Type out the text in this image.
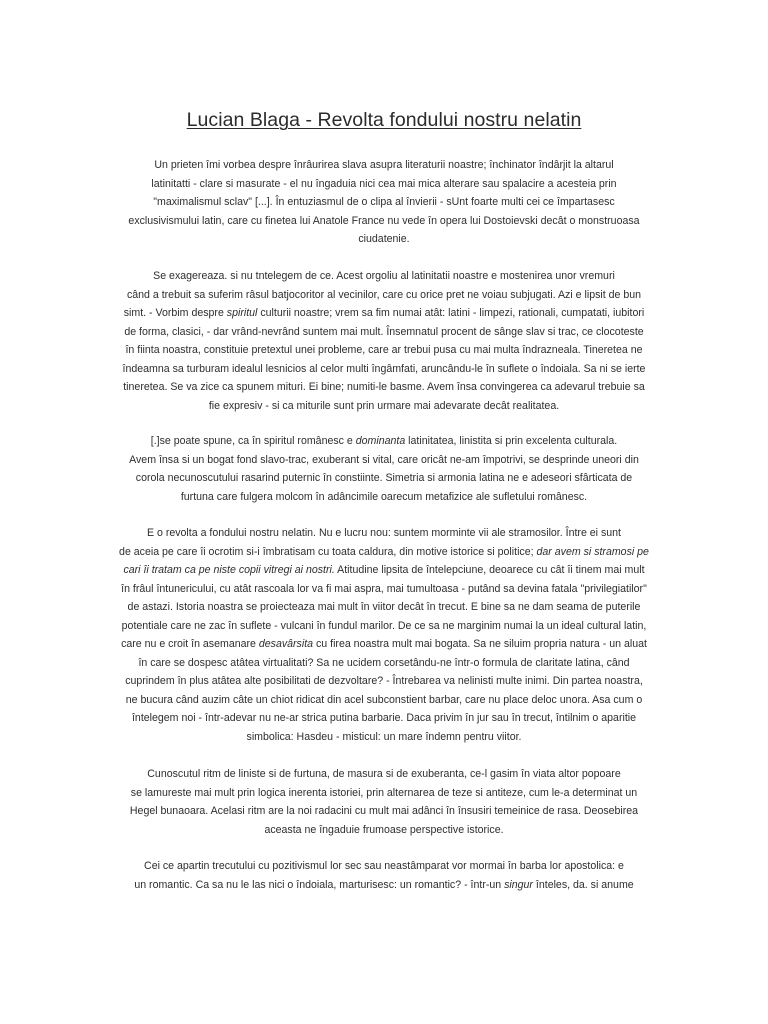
Lucian Blaga - Revolta fondului nostru nelatin
Un prieten îmi vorbea despre înrâurirea slava asupra literaturii noastre; închinator îndârjit la altarul
latinitatti - clare si masurate - el nu îngaduia nici cea mai mica alterare sau spalacire a acesteia prin
"maximalismul sclav" [...]. În entuziasmul de o clipa al învierii - sUnt foarte multi cei ce împartasesc
exclusivismului latin, care cu finetea lui Anatole France nu vede în opera lui Dostoievski decât o monstruoasa
ciudatenie.
Se exagereaza. si nu tntelegem de ce. Acest orgoliu al latinitatii noastre e mostenirea unor vremuri
când a trebuit sa suferim râsul batjocoritor al vecinilor, care cu orice pret ne voiau subjugati. Azi e lipsit de bun
simt. - Vorbim despre spiritul culturii noastre; vrem sa fim numai atât: latini - limpezi, rationali, cumpatati, iubitori
de forma, clasici, - dar vrând-nevrând suntem mai mult. Însemnatul procent de sânge slav si trac, ce clocoteste
în fiinta noastra, constituie pretextul unei probleme, care ar trebui pusa cu mai multa îndrazneala. Tineretea ne
îndeamna sa turburam idealul lesnicios al celor multi îngâmfati, aruncându-le în suflete o îndoiala. Sa ni se ierte
tineretea. Se va zice ca spunem mituri. Ei bine; numiti-le basme. Avem însa convingerea ca adevarul trebuie sa
fie expresiv - si ca miturile sunt prin urmare mai adevarate decât realitatea.
[.]se poate spune, ca în spiritul românesc e dominanta latinitatea, linistita si prin excelenta culturala.
Avem însa si un bogat fond slavo-trac, exuberant si vital, care oricât ne-am împotrivi, se desprinde uneori din
corola necunoscutului rasarind puternic în constiinte. Simetria si armonia latina ne e adeseori sfârticata de
furtuna care fulgera molcom în adâncimile oarecum metafizice ale sufletului românesc.
E o revolta a fondului nostru nelatin. Nu e lucru nou: suntem morminte vii ale stramosilor. Între ei sunt
de aceia pe care îi ocrotim si-i îmbratisam cu toata caldura, din motive istorice si politice; dar avem si stramosi pe
cari îi tratam ca pe niste copii vitregi ai nostri. Atitudine lipsita de întelepciune, deoarece cu cât îi tinem mai mult
în frâul întunericului, cu atât rascoala lor va fi mai aspra, mai tumultoasa - putând sa devina fatala "privilegiatilor"
de astazi. Istoria noastra se proiecteaza mai mult în viitor decât în trecut. E bine sa ne dam seama de puterile
potentiale care ne zac în suflete - vulcani în fundul marilor. De ce sa ne marginim numai la un ideal cultural latin,
care nu e croit în asemanare desavârsita cu firea noastra mult mai bogata. Sa ne siluim propria natura - un aluat
în care se dospesc atâtea virtualitati? Sa ne ucidem corsetându-ne într-o formula de claritate latina, când
cuprindem în plus atâtea alte posibilitati de dezvoltare? - Întrebarea va nelinisti multe inimi. Din partea noastra,
ne bucura când auzim câte un chiot ridicat din acel subconstient barbar, care nu place deloc unora. Asa cum o
întelegem noi - într-adevar nu ne-ar strica putina barbarie. Daca privim în jur sau în trecut, întilnim o aparitie
simbolica: Hasdeu - misticul: un mare îndemn pentru viitor.
Cunoscutul ritm de liniste si de furtuna, de masura si de exuberanta, ce-l gasim în viata altor popoare
se lamureste mai mult prin logica inerenta istoriei, prin alternarea de teze si antiteze, cum le-a determinat un
Hegel bunaoara. Acelasi ritm are la noi radacini cu mult mai adânci în însusiri temeinice de rasa. Deosebirea
aceasta ne îngaduie frumoase perspective istorice.
Cei ce apartin trecutului cu pozitivismul lor sec sau neastâmparat vor mormai în barba lor apostolica: e
un romantic. Ca sa nu le las nici o îndoiala, marturisesc: un romantic? - într-un singur înteles, da. si anume
